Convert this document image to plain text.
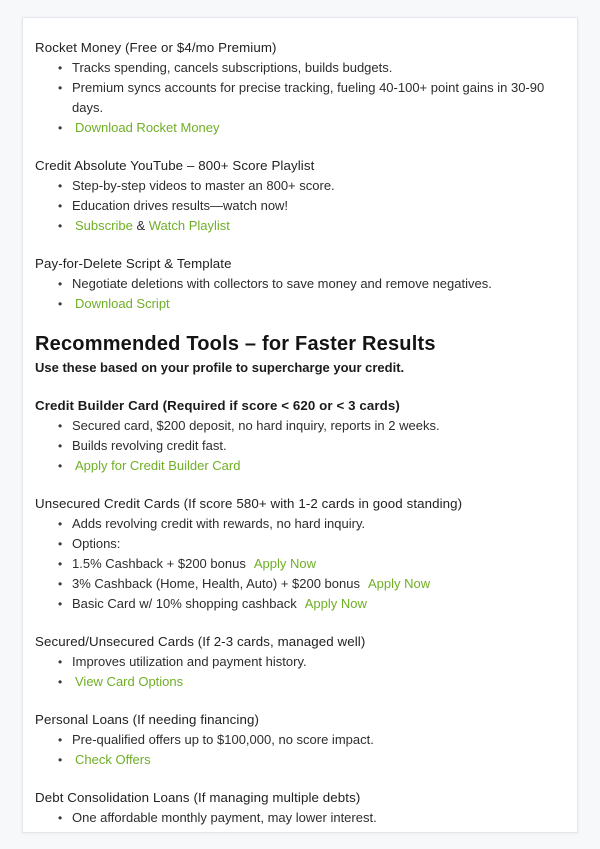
Rocket Money (Free or $4/mo Premium)
• Tracks spending, cancels subscriptions, builds budgets.
• Premium syncs accounts for precise tracking, fueling 40-100+ point gains in 30-90 days.
• Download Rocket Money
Credit Absolute YouTube – 800+ Score Playlist
• Step-by-step videos to master an 800+ score.
• Education drives results—watch now!
• Subscribe & Watch Playlist
Pay-for-Delete Script & Template
• Negotiate deletions with collectors to save money and remove negatives.
• Download Script
Recommended Tools – for Faster Results
Use these based on your profile to supercharge your credit.
Credit Builder Card (Required if score < 620 or < 3 cards)
• Secured card, $200 deposit, no hard inquiry, reports in 2 weeks.
• Builds revolving credit fast.
• Apply for Credit Builder Card
Unsecured Credit Cards (If score 580+ with 1-2 cards in good standing)
• Adds revolving credit with rewards, no hard inquiry.
• Options:
• 1.5% Cashback + $200 bonus Apply Now
• 3% Cashback (Home, Health, Auto) + $200 bonus Apply Now
• Basic Card w/ 10% shopping cashback Apply Now
Secured/Unsecured Cards (If 2-3 cards, managed well)
• Improves utilization and payment history.
• View Card Options
Personal Loans (If needing financing)
• Pre-qualified offers up to $100,000, no score impact.
• Check Offers
Debt Consolidation Loans (If managing multiple debts)
• One affordable monthly payment, may lower interest.
